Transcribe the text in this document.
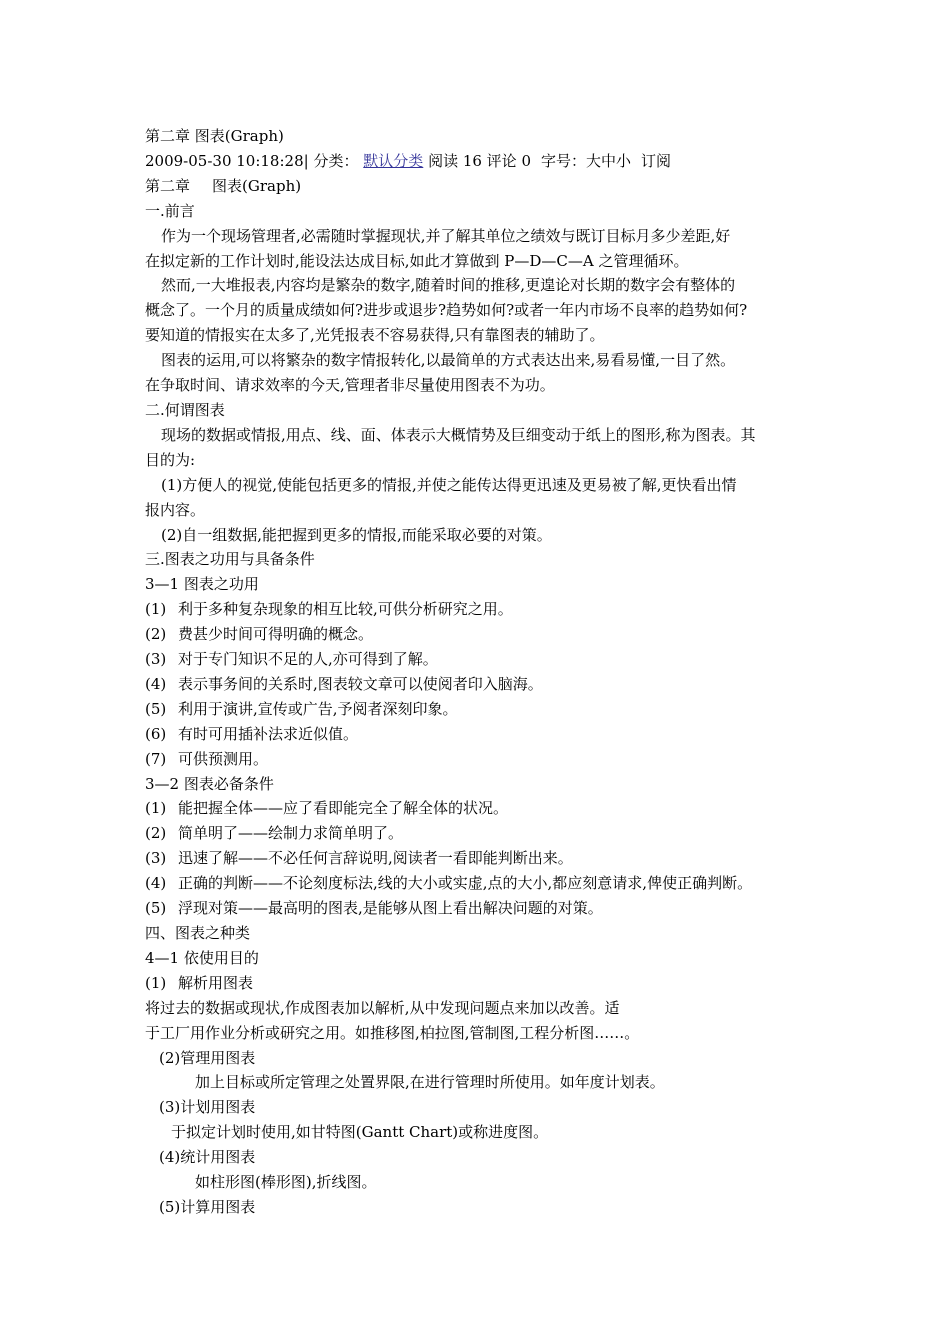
第二章 图表(Graph)

2009-05-30 10:18:28| 分类： 默认分类 阅读 16 评论 0 字号：大中小 订阅

第二章 图表(Graph)

一.前言

作为一个现场管理者,必需随时掌握现状,并了解其单位之绩效与既订目标月多少差距,好

在拟定新的工作计划时,能设法达成目标,如此才算做到 P—D—C—A 之管理循环。

然而,一大堆报表,内容均是繁杂的数字,随着时间的推移,更遑论对长期的数字会有整体的

概念了。一个月的质量成绩如何?进步或退步?趋势如何?或者一年内市场不良率的趋势如何?

要知道的情报实在太多了,光凭报表不容易获得,只有靠图表的辅助了。

图表的运用,可以将繁杂的数字情报转化,以最简单的方式表达出来,易看易懂,一目了然。

在争取时间、请求效率的今天,管理者非尽量使用图表不为功。

二.何谓图表

现场的数据或情报,用点、线、面、体表示大概情势及巨细变动于纸上的图形,称为图表。其

目的为:

(1)方便人的视觉,使能包括更多的情报,并使之能传达得更迅速及更易被了解,更快看出情

报内容。

(2)自一组数据,能把握到更多的情报,而能采取必要的对策。

三.图表之功用与具备条件

3—1 图表之功用

(1) 利于多种复杂现象的相互比较,可供分析研究之用。

(2) 费甚少时间可得明确的概念。

(3) 对于专门知识不足的人,亦可得到了解。

(4) 表示事务间的关系时,图表较文章可以使阅者印入脑海。

(5) 利用于演讲,宣传或广告,予阅者深刻印象。

(6) 有时可用插补法求近似值。

(7) 可供预测用。

3—2 图表必备条件

(1) 能把握全体——应了看即能完全了解全体的状况。

(2) 简单明了——绘制力求简单明了。

(3) 迅速了解——不必任何言辞说明,阅读者一看即能判断出来。

(4) 正确的判断——不论刻度标法,线的大小或实虚,点的大小,都应刻意请求,俾使正确判断。

(5) 浮现对策——最高明的图表,是能够从图上看出解决问题的对策。

四、图表之种类

4—1 依使用目的

(1) 解析用图表

将过去的数据或现状,作成图表加以解析,从中发现问题点来加以改善。适

于工厂用作业分析或研究之用。如推移图,柏拉图,管制图,工程分析图……。

(2)管理用图表

加上目标或所定管理之处置界限,在进行管理时所使用。如年度计划表。

(3)计划用图表

于拟定计划时使用,如甘特图(Gantt Chart)或称进度图。

(4)统计用图表

如柱形图(棒形图),折线图。

(5)计算用图表
